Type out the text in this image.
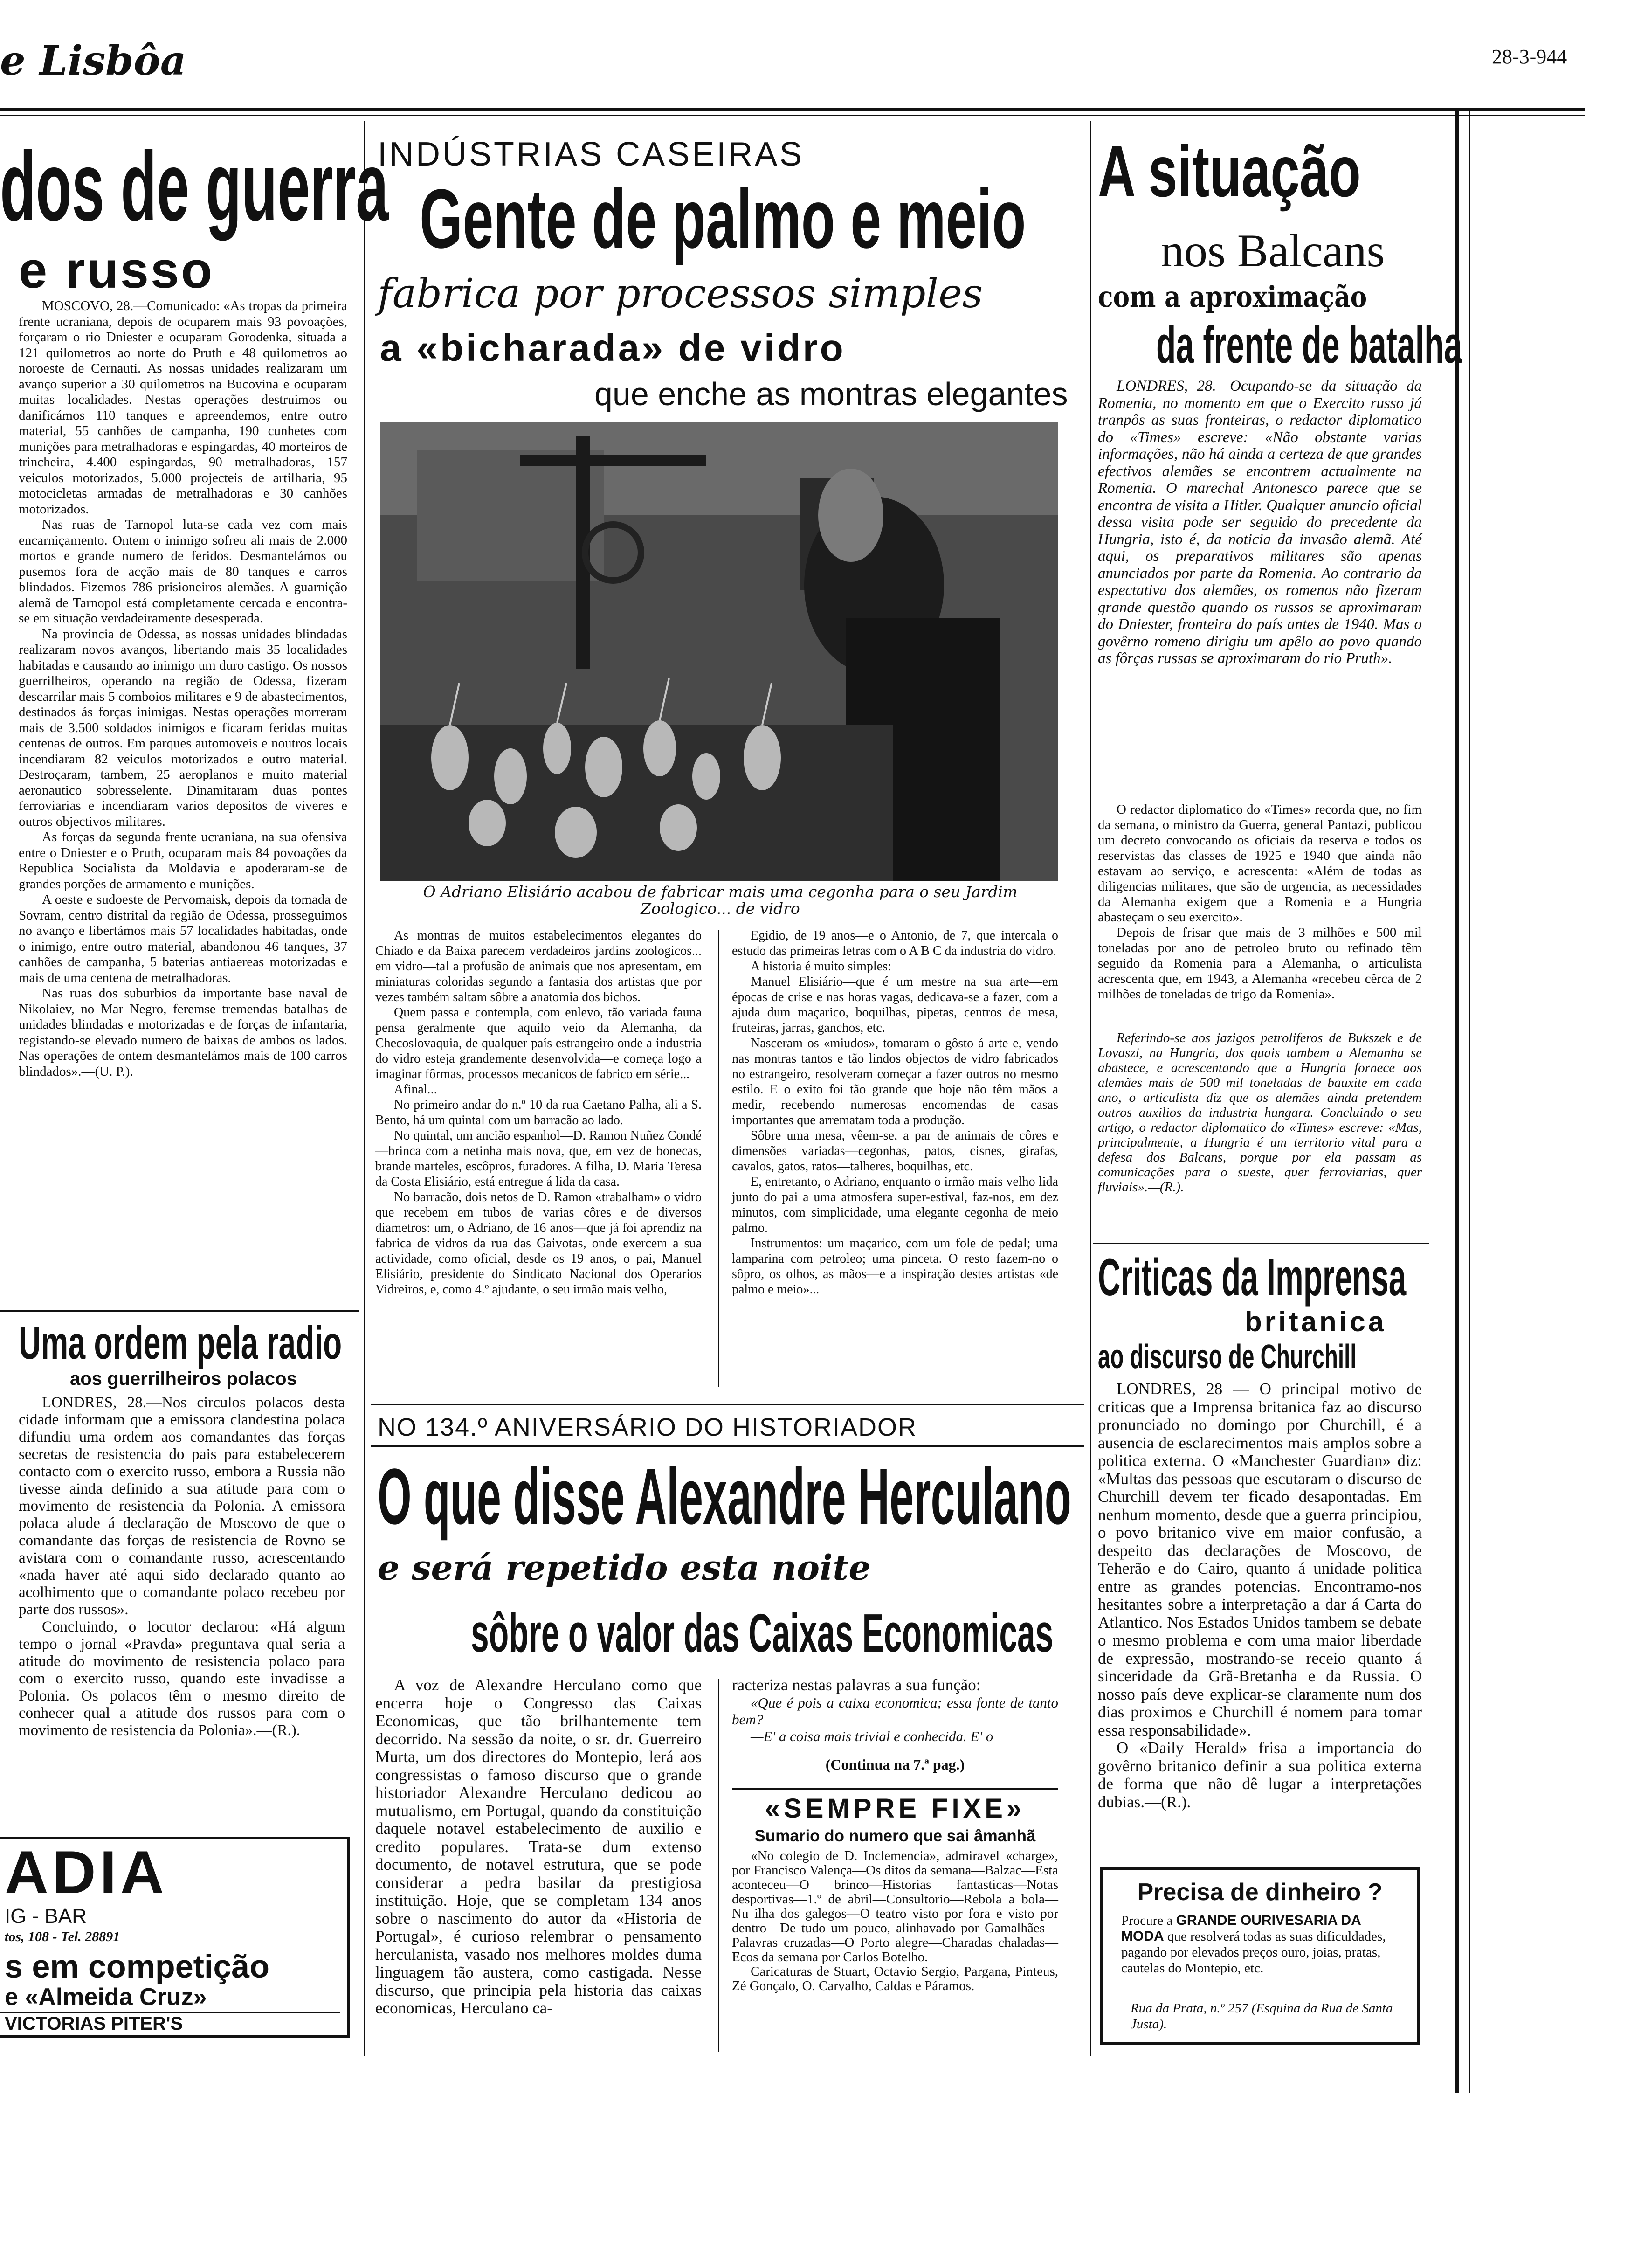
e Lisbôa	28-3-944
dos de guerra
e russo

MOSCOVO, 28.—Comunicado: «As tropas da primeira frente ucraniana, depois de ocuparem mais 93 povoações, forçaram o rio Dniester e ocuparam Gorodenka, situada a 121 quilometros ao norte do Pruth e 48 quilometros ao noroeste de Cernauti. As nossas unidades realizaram um avanço superior a 30 quilometros na Bucovina e ocuparam muitas localidades. Nestas operações destruimos ou danificámos 110 tanques e apreendemos, entre outro material, 55 canhões de campanha, 190 cunhetes com munições para metralhadoras e espingardas, 40 morteiros de trincheira, 4.400 espingardas, 90 metralhadoras, 157 veiculos motorizados, 5.000 projecteis de artilharia, 95 motocicletas armadas de metralhadoras e 30 canhões motorizados.

Nas ruas de Tarnopol luta-se cada vez com mais encarniçamento. Ontem o inimigo sofreu ali mais de 2.000 mortos e grande numero de feridos. Desmantelámos ou pusemos fora de acção mais de 80 tanques e carros blindados. Fizemos 786 prisioneiros alemães. A guarnição alemã de Tarnopol está completamente cercada e encontra-se em situação verdadeiramente desesperada.

Na provincia de Odessa, as nossas unidades blindadas realizaram novos avanços, libertando mais 35 localidades habitadas e causando ao inimigo um duro castigo. Os nossos guerrilheiros, operando na região de Odessa, fizeram descarrilar mais 5 comboios militares e 9 de abastecimentos, destinados ás forças inimigas. Nestas operações morreram mais de 3.500 soldados inimigos e ficaram feridas muitas centenas de outros. Em parques automoveis e noutros locais incendiaram 82 veiculos motorizados e outro material. Destroçaram, tambem, 25 aeroplanos e muito material aeronautico sobresselente. Dinamitaram duas pontes ferroviarias e incendiaram varios depositos de viveres e outros objectivos militares.

As forças da segunda frente ucraniana, na sua ofensiva entre o Dniester e o Pruth, ocuparam mais 84 povoações da Republica Socialista da Moldavia e apoderaram-se de grandes porções de armamento e munições.

A oeste e sudoeste de Pervomaisk, depois da tomada de Sovram, centro distrital da região de Odessa, prosseguimos no avanço e libertámos mais 57 localidades habitadas, onde o inimigo, entre outro material, abandonou 46 tanques, 37 canhões de campanha, 5 baterias antiaereas motorizadas e mais de uma centena de metralhadoras.

Nas ruas dos suburbios da importante base naval de Nikolaiev, no Mar Negro, feremse tremendas batalhas de unidades blindadas e motorizadas e de forças de infantaria, registando-se elevado numero de baixas de ambos os lados. Nas operações de ontem desmantelámos mais de 100 carros blindados».—(U. P.).

Uma ordem pela radio
aos guerrilheiros polacos

LONDRES, 28.—Nos circulos polacos desta cidade informam que a emissora clandestina polaca difundiu uma ordem aos comandantes das forças secretas de resistencia do pais para estabelecerem contacto com o exercito russo, embora a Russia não tivesse ainda definido a sua atitude para com o movimento de resistencia da Polonia. A emissora polaca alude á declaração de Moscovo de que o comandante das forças de resistencia de Rovno se avistara com o comandante russo, acrescentando «nada haver até aqui sido declarado quanto ao acolhimento que o comandante polaco recebeu por parte dos russos».

Concluindo, o locutor declarou: «Há algum tempo o jornal «Pravda» preguntava qual seria a atitude do movimento de resistencia polaco para com o exercito russo, quando este invadisse a Polonia. Os polacos têm o mesmo direito de conhecer qual a atitude dos russos para com o movimento de resistencia da Polonia».—(R.).

ADIA
IG - BAR
tos, 108 - Tel. 28891
s em competição
e «Almeida Cruz»
VICTORIAS PITER'S
INDÚSTRIAS CASEIRAS
Gente de palmo e meio
fabrica por processos simples
a «bicharada» de vidro
que enche as montras elegantes
O Adriano Elisiário acabou de fabricar mais uma cegonha para o seu Jardim Zoologico... de vidro

As montras de muitos estabelecimentos elegantes do Chiado e da Baixa parecem verdadeiros jardins zoologicos... em vidro—tal a profusão de animais que nos apresentam, em miniaturas coloridas segundo a fantasia dos artistas que por vezes também saltam sôbre a anatomia dos bichos.

Quem passa e contempla, com enlevo, tão variada fauna pensa geralmente que aquilo veio da Alemanha, da Checoslovaquia, de qualquer país estrangeiro onde a industria do vidro esteja grandemente desenvolvida—e começa logo a imaginar fôrmas, processos mecanicos de fabrico em série...

Afinal...

No primeiro andar do n.º 10 da rua Caetano Palha, ali a S. Bento, há um quintal com um barracão ao lado.

No quintal, um ancião espanhol—D. Ramon Nuñez Condé—brinca com a netinha mais nova, que, em vez de bonecas, brande marteles, escôpros, furadores. A filha, D. Maria Teresa da Costa Elisiário, está entregue á lida da casa.

No barracão, dois netos de D. Ramon «trabalham» o vidro que recebem em tubos de varias côres e de diversos diametros: um, o Adriano, de 16 anos—que já foi aprendiz na fabrica de vidros da rua das Gaivotas, onde exercem a sua actividade, como oficial, desde os 19 anos, o pai, Manuel Elisiário, presidente do Sindicato Nacional dos Operarios Vidreiros, e, como 4.º ajudante, o seu irmão mais velho,

Egidio, de 19 anos—e o Antonio, de 7, que intercala o estudo das primeiras letras com o A B C da industria do vidro.

A historia é muito simples:

Manuel Elisiário—que é um mestre na sua arte—em épocas de crise e nas horas vagas, dedicava-se a fazer, com a ajuda dum maçarico, boquilhas, pipetas, centros de mesa, fruteiras, jarras, ganchos, etc.

Nasceram os «miudos», tomaram o gôsto á arte e, vendo nas montras tantos e tão lindos objectos de vidro fabricados no estrangeiro, resolveram começar a fazer outros no mesmo estilo. E o exito foi tão grande que hoje não têm mãos a medir, recebendo numerosas encomendas de casas importantes que arrematam toda a produção.

Sôbre uma mesa, vêem-se, a par de animais de côres e dimensões variadas—cegonhas, patos, cisnes, girafas, cavalos, gatos, ratos—talheres, boquilhas, etc.

E, entretanto, o Adriano, enquanto o irmão mais velho lida junto do pai a uma atmosfera super-estival, faz-nos, em dez minutos, com simplicidade, uma elegante cegonha de meio palmo.

Instrumentos: um maçarico, com um fole de pedal; uma lamparina com petroleo; uma pinceta. O resto fazem-no o sôpro, os olhos, as mãos—e a inspiração destes artistas «de palmo e meio»...

NO 134.º ANIVERSÁRIO DO HISTORIADOR
O que disse Alexandre Herculano
e será repetido esta noite
sôbre o valor das Caixas Economicas
A voz de Alexandre Herculano como que encerra hoje o Congresso das Caixas Economicas, que tão brilhantemente tem decorrido. Na sessão da noite, o sr. dr. Guerreiro Murta, um dos directores do Montepio, lerá aos congressistas o famoso discurso que o grande historiador Alexandre Herculano dedicou ao mutualismo, em Portugal, quando da constituição daquele notavel estabelecimento de auxilio e credito populares. Trata-se dum extenso documento, de notavel estrutura, que se pode considerar a pedra basilar da prestigiosa instituição. Hoje, que se completam 134 anos sobre o nascimento do autor da «Historia de Portugal», é curioso relembrar o pensamento herculanista, vasado nos melhores moldes duma linguagem tão austera, como castigada. Nesse discurso, que principia pela historia das caixas economicas, Herculano ca-
racteriza nestas palavras a sua função:
«Que é pois a caixa economica; essa fonte de tanto bem?
—E' a coisa mais trivial e conhecida. E' o
(Continua na 7.ª pag.)
«SEMPRE FIXE»
Sumario do numero que sai âmanhã

«No colegio de D. Inclemencia», admiravel «charge», por Francisco Valença—Os ditos da semana—Balzac—Esta aconteceu—O brinco—Historias fantasticas—Notas desportivas—1.º de abril—Consultorio—Rebola a bola—Nu ilha dos galegos—O teatro visto por fora e visto por dentro—De tudo um pouco, alinhavado por Gamalhães—Palavras cruzadas—O Porto alegre—Charadas chaladas—Ecos da semana por Carlos Botelho.

Caricaturas de Stuart, Octavio Sergio, Pargana, Pinteus, Zé Gonçalo, O. Carvalho, Caldas e Páramos.

A situação
nos Balcans
com a aproximação
da frente de batalha
LONDRES, 28.—Ocupando-se da situação da Romenia, no momento em que o Exercito russo já tranpôs as suas fronteiras, o redactor diplomatico do «Times» escreve: «Não obstante varias informações, não há ainda a certeza de que grandes efectivos alemães se encontrem actualmente na Romenia. O marechal Antonesco parece que se encontra de visita a Hitler. Qualquer anuncio oficial dessa visita pode ser seguido do precedente da Hungria, isto é, da noticia da invasão alemã. Até aqui, os preparativos militares são apenas anunciados por parte da Romenia. Ao contrario da espectativa dos alemães, os romenos não fizeram grande questão quando os russos se aproximaram do Dniester, fronteira do país antes de 1940. Mas o govêrno romeno dirigiu um apêlo ao povo quando as fôrças russas se aproximaram do rio Pruth».

O redactor diplomatico do «Times» recorda que, no fim da semana, o ministro da Guerra, general Pantazi, publicou um decreto convocando os oficiais da reserva e todos os reservistas das classes de 1925 e 1940 que ainda não estavam ao serviço, e acrescenta: «Além de todas as diligencias militares, que são de urgencia, as necessidades da Alemanha exigem que a Romenia e a Hungria abasteçam o seu exercito».

Depois de frisar que mais de 3 milhões e 500 mil toneladas por ano de petroleo bruto ou refinado têm seguido da Romenia para a Alemanha, o articulista acrescenta que, em 1943, a Alemanha «recebeu cêrca de 2 milhões de toneladas de trigo da Romenia».

Referindo-se aos jazigos petroliferos de Bukszek e de Lovaszi, na Hungria, dos quais tambem a Alemanha se abastece, e acrescentando que a Hungria fornece aos alemães mais de 500 mil toneladas de bauxite em cada ano, o articulista diz que os alemães ainda pretendem outros auxilios da industria hungara. Concluindo o seu artigo, o redactor diplomatico do «Times» escreve: «Mas, principalmente, a Hungria é um territorio vital para a defesa dos Balcans, porque por ela passam as comunicações para o sueste, quer ferroviarias, quer fluviais».—(R.).
Criticas da Imprensa
britanica
ao discurso de Churchill

LONDRES, 28 — O principal motivo de criticas que a Imprensa britanica faz ao discurso pronunciado no domingo por Churchill, é a ausencia de esclarecimentos mais amplos sobre a politica externa. O «Manchester Guardian» diz: «Multas das pessoas que escutaram o discurso de Churchill devem ter ficado desapontadas. Em nenhum momento, desde que a guerra principiou, o povo britanico vive em maior confusão, a despeito das declarações de Moscovo, de Teherão e do Cairo, quanto á unidade politica entre as grandes potencias. Encontramo-nos hesitantes sobre a interpretação a dar á Carta do Atlantico. Nos Estados Unidos tambem se debate o mesmo problema e com uma maior liberdade de expressão, mostrando-se receio quanto á sinceridade da Grã-Bretanha e da Russia. O nosso país deve explicar-se claramente num dos dias proximos e Churchill é nomem para tomar essa responsabilidade».

O «Daily Herald» frisa a importancia do govêrno britanico definir a sua politica externa de forma que não dê lugar a interpretações dubias.—(R.).

Precisa de dinheiro ?
Procure a GRANDE OURIVESARIA DA MODA que resolverá todas as suas dificuldades, pagando por elevados preços ouro, joias, pratas, cautelas do Montepio, etc.
Rua da Prata, n.º 257 (Esquina da Rua de Santa Justa).
